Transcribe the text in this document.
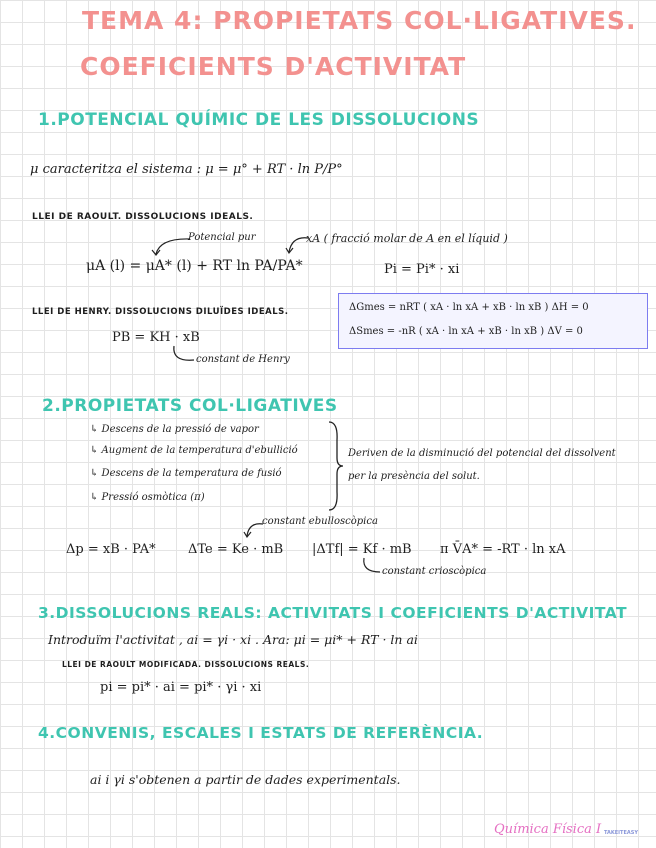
TEMA 4: PROPIETATS COL·LIGATIVES.
COEFICIENTS D'ACTIVITAT
1.POTENCIAL QUÍMIC DE LES DISSOLUCIONS
μ caracteritza el sistema : μ = μ° + RT · ln P/P°
LLEI DE RAOULT. DISSOLUCIONS IDEALS.
Potencial pur	xA ( fracció molar de A en el líquid )
μA (l) = μA* (l) + RT ln PA/PA*	Pi = Pi* · xi
LLEI DE HENRY. DISSOLUCIONS DILUÏDES IDEALS.
PB = KH · xB
constant de Henry
ΔGmes = nRT ( xA · ln xA + xB · ln xB ) ΔH = 0
ΔSmes = -nR ( xA · ln xA + xB · ln xB ) ΔV = 0
2.PROPIETATS COL·LIGATIVES
↳ Descens de la pressió de vapor
↳ Augment de la temperatura d'ebullició
↳ Descens de la temperatura de fusió
↳ Pressió osmòtica (π)
Deriven de la disminució del potencial del dissolvent
per la presència del solut.
constant ebulloscòpica
Δp = xB · PA* ΔTe = Ke · mB |ΔTf| = Kf · mB π V̄A* = -RT · ln xA
constant crioscòpica
3.DISSOLUCIONS REALS: ACTIVITATS I COEFICIENTS D'ACTIVITAT
Introduïm l'activitat , ai = γi · xi . Ara: μi = μi* + RT · ln ai
LLEI DE RAOULT MODIFICADA. DISSOLUCIONS REALS.
pi = pi* · ai = pi* · γi · xi
4.CONVENIS, ESCALES I ESTATS DE REFERÈNCIA.
ai i γi s'obtenen a partir de dades experimentals.
Química Física I TAKEITEASY
